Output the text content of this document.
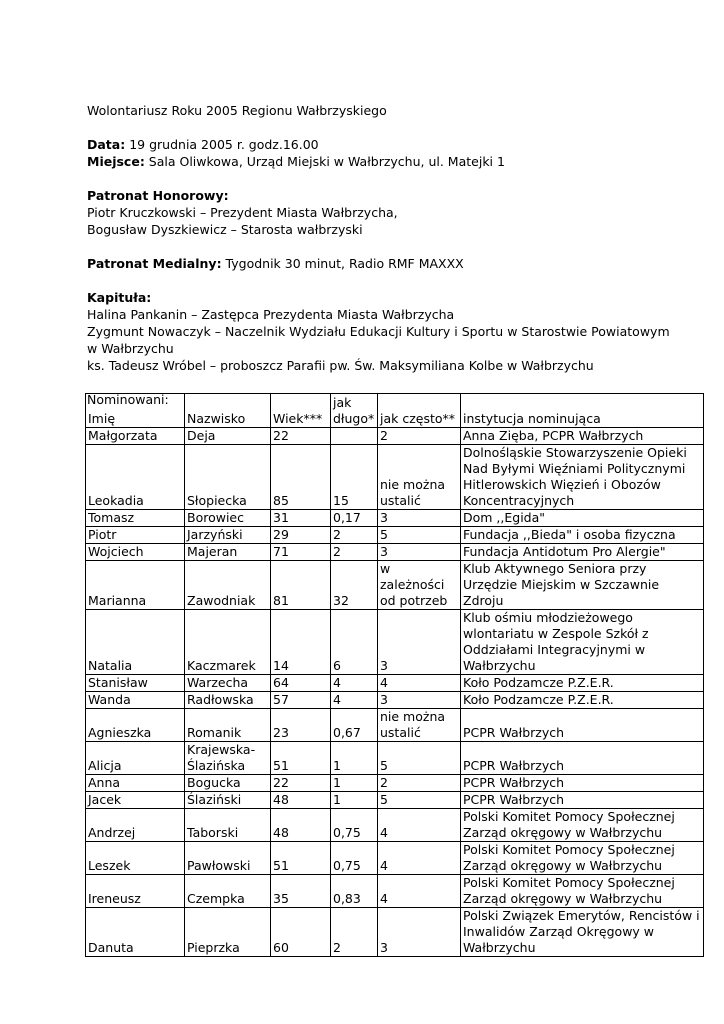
Wolontariusz Roku 2005 Regionu Wałbrzyskiego
Data: 19 grudnia 2005 r. godz.16.00
Miejsce: Sala Oliwkowa, Urząd Miejski w Wałbrzychu, ul. Matejki 1
Patronat Honorowy:
Piotr Kruczkowski – Prezydent Miasta Wałbrzycha,
Bogusław Dyszkiewicz – Starosta wałbrzyski
Patronat Medialny: Tygodnik 30 minut, Radio RMF MAXXX
Kapituła:
Halina Pankanin – Zastępca Prezydenta Miasta Wałbrzycha
Zygmunt Nowaczyk – Naczelnik Wydziału Edukacji Kultury i Sportu w Starostwie Powiatowym
w Wałbrzychu
ks. Tadeusz Wróbel – proboszcz Parafii pw. Św. Maksymiliana Kolbe w Wałbrzychu
Nominowani:
Imię	Nazwisko	Wiek***	jak długo*	jak często**	instytucja nominująca
Małgorzata	Deja	22		2	Anna Zięba, PCPR Wałbrzych
Leokadia	Słopiecka	85	15	nie można ustalić	Dolnośląskie Stowarzyszenie Opieki Nad Byłymi Więźniami Politycznymi Hitlerowskich Więzień i Obozów Koncentracyjnych
Tomasz	Borowiec	31	0,17	3	Dom ,,Egida"
Piotr	Jarzyński	29	2	5	Fundacja ,,Bieda" i osoba fizyczna
Wojciech	Majeran	71	2	3	Fundacja Antidotum Pro Alergie"
Marianna	Zawodniak	81	32	w zależności od potrzeb	Klub Aktywnego Seniora przy Urzędzie Miejskim w Szczawnie Zdroju
Natalia	Kaczmarek	14	6	3	Klub ośmiu młodzieżowego wlontariatu w Zespole Szkół z Oddziałami Integracyjnymi w Wałbrzychu
Stanisław	Warzecha	64	4	4	Koło Podzamcze P.Z.E.R.
Wanda	Radłowska	57	4	3	Koło Podzamcze P.Z.E.R.
Agnieszka	Romanik	23	0,67	nie można ustalić	PCPR Wałbrzych
Alicja	Krajewska-Ślazińska	51	1	5	PCPR Wałbrzych
Anna	Bogucka	22	1	2	PCPR Wałbrzych
Jacek	Ślaziński	48	1	5	PCPR Wałbrzych
Andrzej	Taborski	48	0,75	4	Polski Komitet Pomocy Społecznej Zarząd okręgowy w Wałbrzychu
Leszek	Pawłowski	51	0,75	4	Polski Komitet Pomocy Społecznej Zarząd okręgowy w Wałbrzychu
Ireneusz	Czempka	35	0,83	4	Polski Komitet Pomocy Społecznej Zarząd okręgowy w Wałbrzychu
Danuta	Pieprzka	60	2	3	Polski Związek Emerytów, Rencistów i Inwalidów Zarząd Okręgowy w Wałbrzychu
